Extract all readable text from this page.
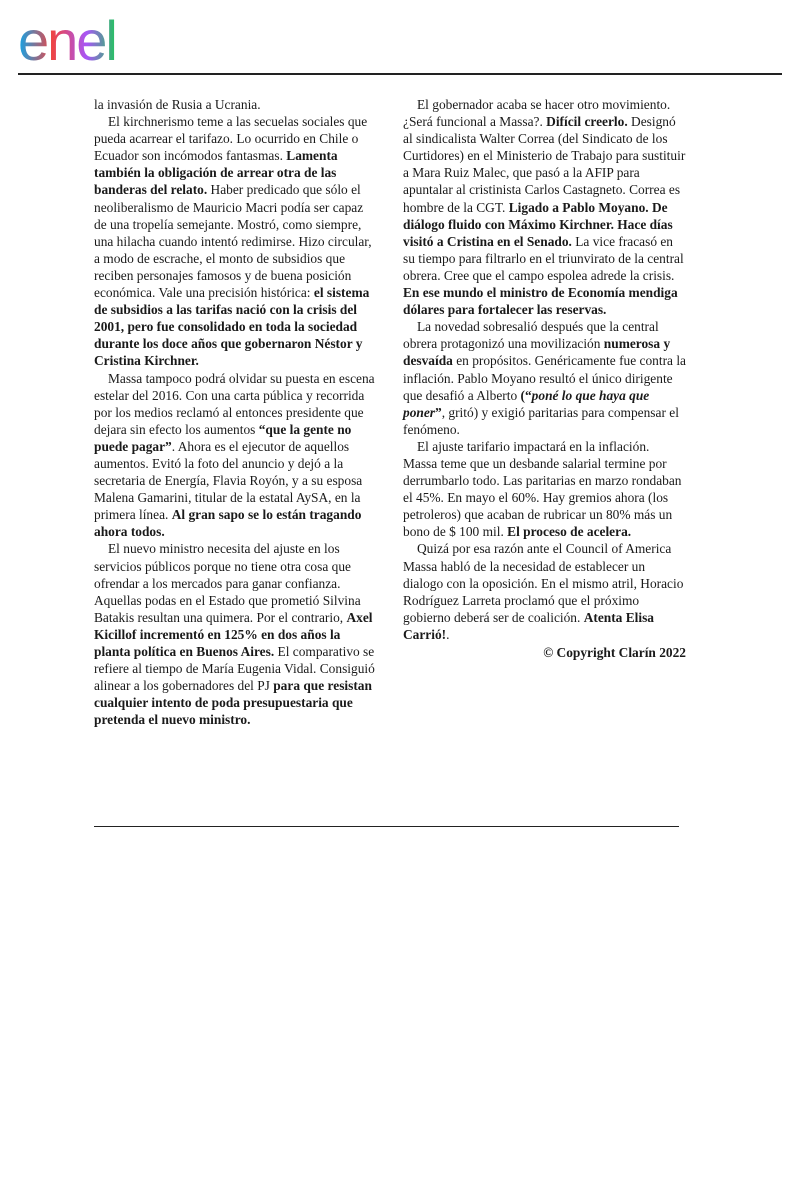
enel

la invasión de Rusia a Ucrania.

El kirchnerismo teme a las secuelas sociales que pueda acarrear el tarifazo. Lo ocurrido en Chile o Ecuador son incómodos fantasmas. Lamenta también la obligación de arrear otra de las banderas del relato. Haber predicado que sólo el neoliberalismo de Mauricio Macri podía ser capaz de una tropelía semejante. Mostró, como siempre, una hilacha cuando intentó redimirse. Hizo circular, a modo de escrache, el monto de subsidios que reciben personajes famosos y de buena posición económica. Vale una precisión histórica: el sistema de subsidios a las tarifas nació con la crisis del 2001, pero fue consolidado en toda la sociedad durante los doce años que gobernaron Néstor y Cristina Kirchner.

Massa tampoco podrá olvidar su puesta en escena estelar del 2016. Con una carta pública y recorrida por los medios reclamó al entonces presidente que dejara sin efecto los aumentos “que la gente no puede pagar”. Ahora es el ejecutor de aquellos aumentos. Evitó la foto del anuncio y dejó a la secretaria de Energía, Flavia Royón, y a su esposa Malena Gamarini, titular de la estatal AySA, en la primera línea. Al gran sapo se lo están tragando ahora todos.

El nuevo ministro necesita del ajuste en los servicios públicos porque no tiene otra cosa que ofrendar a los mercados para ganar confianza. Aquellas podas en el Estado que prometió Silvina Batakis resultan una quimera. Por el contrario, Axel Kicillof incrementó en 125% en dos años la planta política en Buenos Aires. El comparativo se refiere al tiempo de María Eugenia Vidal. Consiguió alinear a los gobernadores del PJ para que resistan cualquier intento de poda presupuestaria que pretenda el nuevo ministro.

El gobernador acaba se hacer otro movimiento. ¿Será funcional a Massa?. Difícil creerlo. Designó al sindicalista Walter Correa (del Sindicato de los Curtidores) en el Ministerio de Trabajo para sustituir a Mara Ruiz Malec, que pasó a la AFIP para apuntalar al cristinista Carlos Castagneto. Correa es hombre de la CGT. Ligado a Pablo Moyano. De diálogo fluido con Máximo Kirchner. Hace días visitó a Cristina en el Senado. La vice fracasó en su tiempo para filtrarlo en el triunvirato de la central obrera. Cree que el campo espolea adrede la crisis. En ese mundo el ministro de Economía mendiga dólares para fortalecer las reservas.

La novedad sobresalió después que la central obrera protagonizó una movilización numerosa y desvaída en propósitos. Genéricamente fue contra la inflación. Pablo Moyano resultó el único dirigente que desafió a Alberto (“poné lo que haya que poner”, gritó) y exigió paritarias para compensar el fenómeno.

El ajuste tarifario impactará en la inflación. Massa teme que un desbande salarial termine por derrumbarlo todo. Las paritarias en marzo rondaban el 45%. En mayo el 60%. Hay gremios ahora (los petroleros) que acaban de rubricar un 80% más un bono de $ 100 mil. El proceso de acelera.

Quizá por esa razón ante el Council of America Massa habló de la necesidad de establecer un dialogo con la oposición. En el mismo atril, Horacio Rodríguez Larreta proclamó que el próximo gobierno deberá ser de coalición. Atenta Elisa Carrió!.

© Copyright Clarín 2022
